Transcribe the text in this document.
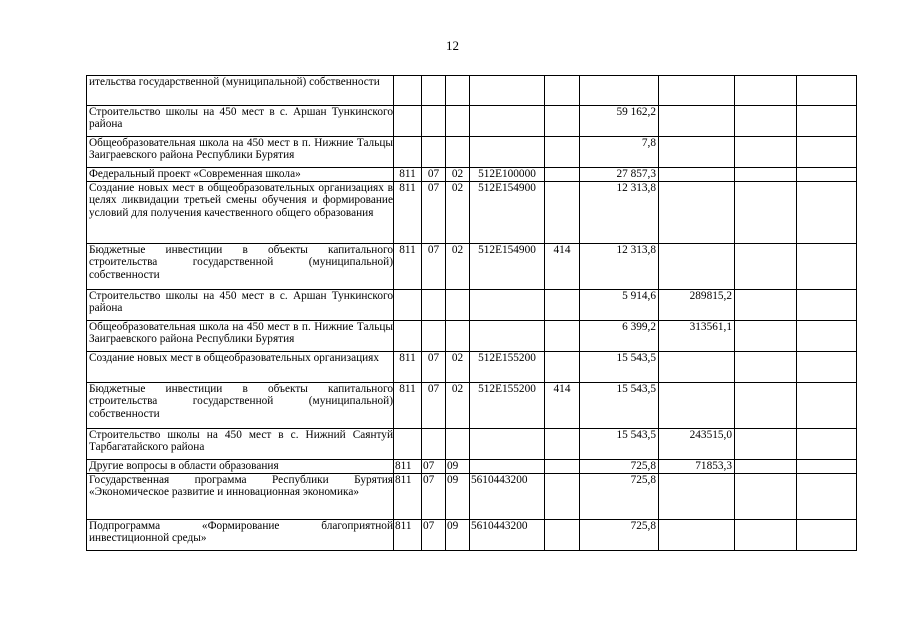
12
ительства государственной (муниципальной) собственности									
Строительство школы на 450 мест в с. Аршан Тункинского района						59 162,2			
Общеобразовательная школа на 450 мест в п. Нижние Тальцы Заиграевского района Республики Бурятия						7,8			
Федеральный проект «Современная школа»	811	07	02	512E100000		27 857,3			
Создание новых мест в общеобразовательных организациях в целях ликвидации третьей смены обучения и формирование условий для получения качественного общего образования	811	07	02	512E154900		12 313,8			
Бюджетные инвестиции в объекты капитального строительства государственной (муниципальной) собственности	811	07	02	512E154900	414	12 313,8			
Строительство школы на 450 мест в с. Аршан Тункинского района						5 914,6	289815,2		
Общеобразовательная школа на 450 мест в п. Нижние Тальцы Заиграевского района Республики Бурятия						6 399,2	313561,1		
Создание новых мест в общеобразовательных организациях	811	07	02	512E155200		15 543,5			
Бюджетные инвестиции в объекты капитального строительства государственной (муниципальной) собственности	811	07	02	512E155200	414	15 543,5			
Строительство школы на 450 мест в с. Нижний Саянтуй Тарбагатайского района						15 543,5	243515,0		
Другие вопросы в области образования	811	07	09			725,8	71853,3		
Государственная программа Республики Бурятия «Экономическое развитие и инновационная экономика»	811	07	09	5610443200		725,8			
Подпрограмма «Формирование благоприятной инвестиционной среды»	811	07	09	5610443200		725,8			
